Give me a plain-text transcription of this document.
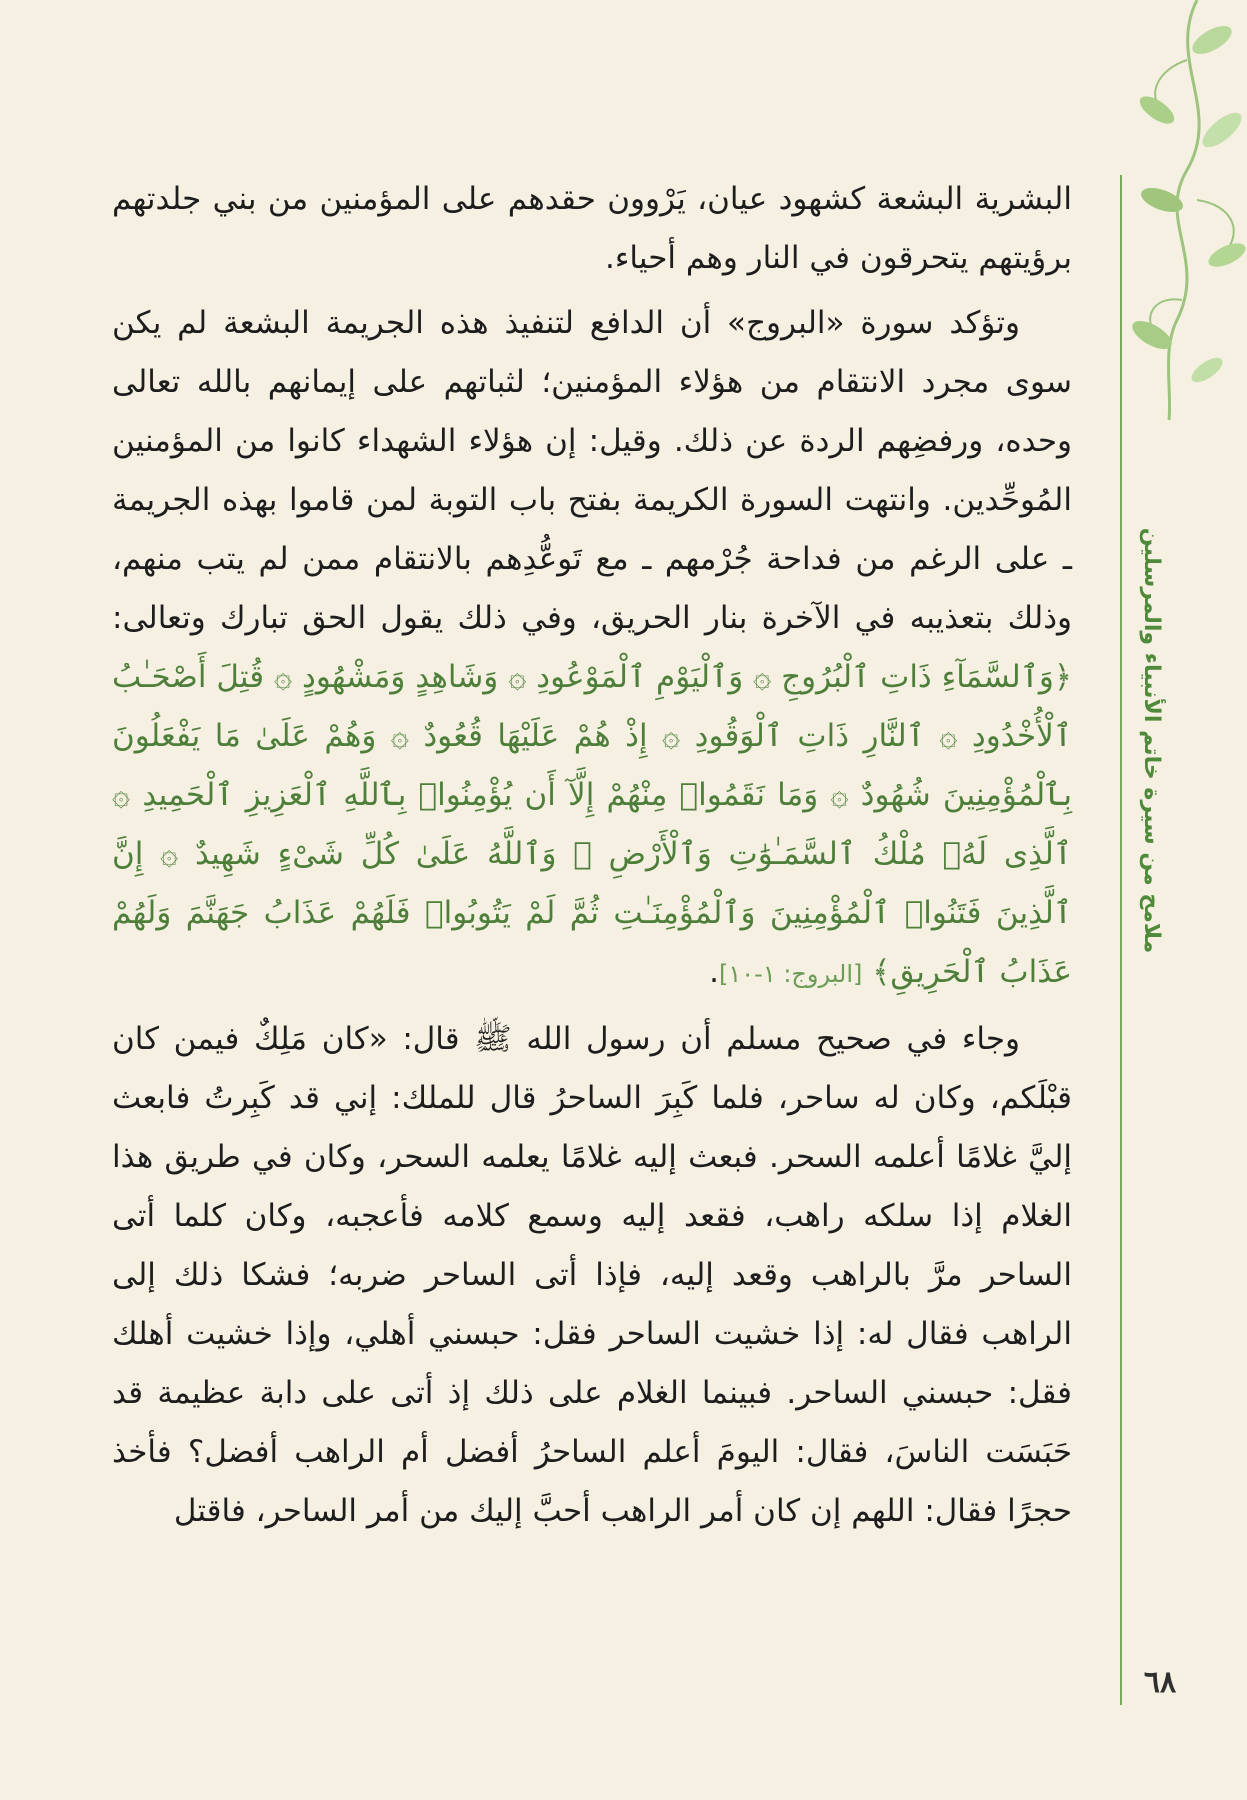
ملامح من سيرة خاتم الأنبياء والمرسلين
٦٨

البشرية البشعة كشهود عيان، يَرْوون حقدهم على المؤمنين من بني جلدتهم برؤيتهم يتحرقون في النار وهم أحياء.

وتؤكد سورة «البروج» أن الدافع لتنفيذ هذه الجريمة البشعة لم يكن سوى مجرد الانتقام من هؤلاء المؤمنين؛ لثباتهم على إيمانهم بالله تعالى وحده، ورفضِهم الردة عن ذلك. وقيل: إن هؤلاء الشهداء كانوا من المؤمنين المُوحِّدين. وانتهت السورة الكريمة بفتح باب التوبة لمن قاموا بهذه الجريمة ـ على الرغم من فداحة جُرْمهم ـ مع تَوعُّدِهم بالانتقام ممن لم يتب منهم، وذلك بتعذيبه في الآخرة بنار الحريق، وفي ذلك يقول الحق تبارك وتعالى: ﴿وَٱلسَّمَآءِ ذَاتِ ٱلْبُرُوجِ ۞ وَٱلْيَوْمِ ٱلْمَوْعُودِ ۞ وَشَاهِدٍ وَمَشْهُودٍ ۞ قُتِلَ أَصْحَـٰبُ ٱلْأُخْدُودِ ۞ ٱلنَّارِ ذَاتِ ٱلْوَقُودِ ۞ إِذْ هُمْ عَلَيْهَا قُعُودٌ ۞ وَهُمْ عَلَىٰ مَا يَفْعَلُونَ بِٱلْمُؤْمِنِينَ شُهُودٌ ۞ وَمَا نَقَمُوا۟ مِنْهُمْ إِلَّآ أَن يُؤْمِنُوا۟ بِٱللَّهِ ٱلْعَزِيزِ ٱلْحَمِيدِ ۞ ٱلَّذِى لَهُۥ مُلْكُ ٱلسَّمَـٰوَٰتِ وَٱلْأَرْضِ ۚ وَٱللَّهُ عَلَىٰ كُلِّ شَىْءٍ شَهِيدٌ ۞ إِنَّ ٱلَّذِينَ فَتَنُوا۟ ٱلْمُؤْمِنِينَ وَٱلْمُؤْمِنَـٰتِ ثُمَّ لَمْ يَتُوبُوا۟ فَلَهُمْ عَذَابُ جَهَنَّمَ وَلَهُمْ عَذَابُ ٱلْحَرِيقِ﴾ [البروج: ١-١٠].

وجاء في صحيح مسلم أن رسول الله ﷺ قال: «كان مَلِكٌ فيمن كان قبْلَكم، وكان له ساحر، فلما كَبِرَ الساحرُ قال للملك: إني قد كَبِرتُ فابعث إليَّ غلامًا أعلمه السحر. فبعث إليه غلامًا يعلمه السحر، وكان في طريق هذا الغلام إذا سلكه راهب، فقعد إليه وسمع كلامه فأعجبه، وكان كلما أتى الساحر مرَّ بالراهب وقعد إليه، فإذا أتى الساحر ضربه؛ فشكا ذلك إلى الراهب فقال له: إذا خشيت الساحر فقل: حبسني أهلي، وإذا خشيت أهلك فقل: حبسني الساحر. فبينما الغلام على ذلك إذ أتى على دابة عظيمة قد حَبَسَت الناسَ، فقال: اليومَ أعلم الساحرُ أفضل أم الراهب أفضل؟ فأخذ حجرًا فقال: اللهم إن كان أمر الراهب أحبَّ إليك من أمر الساحر، فاقتل
